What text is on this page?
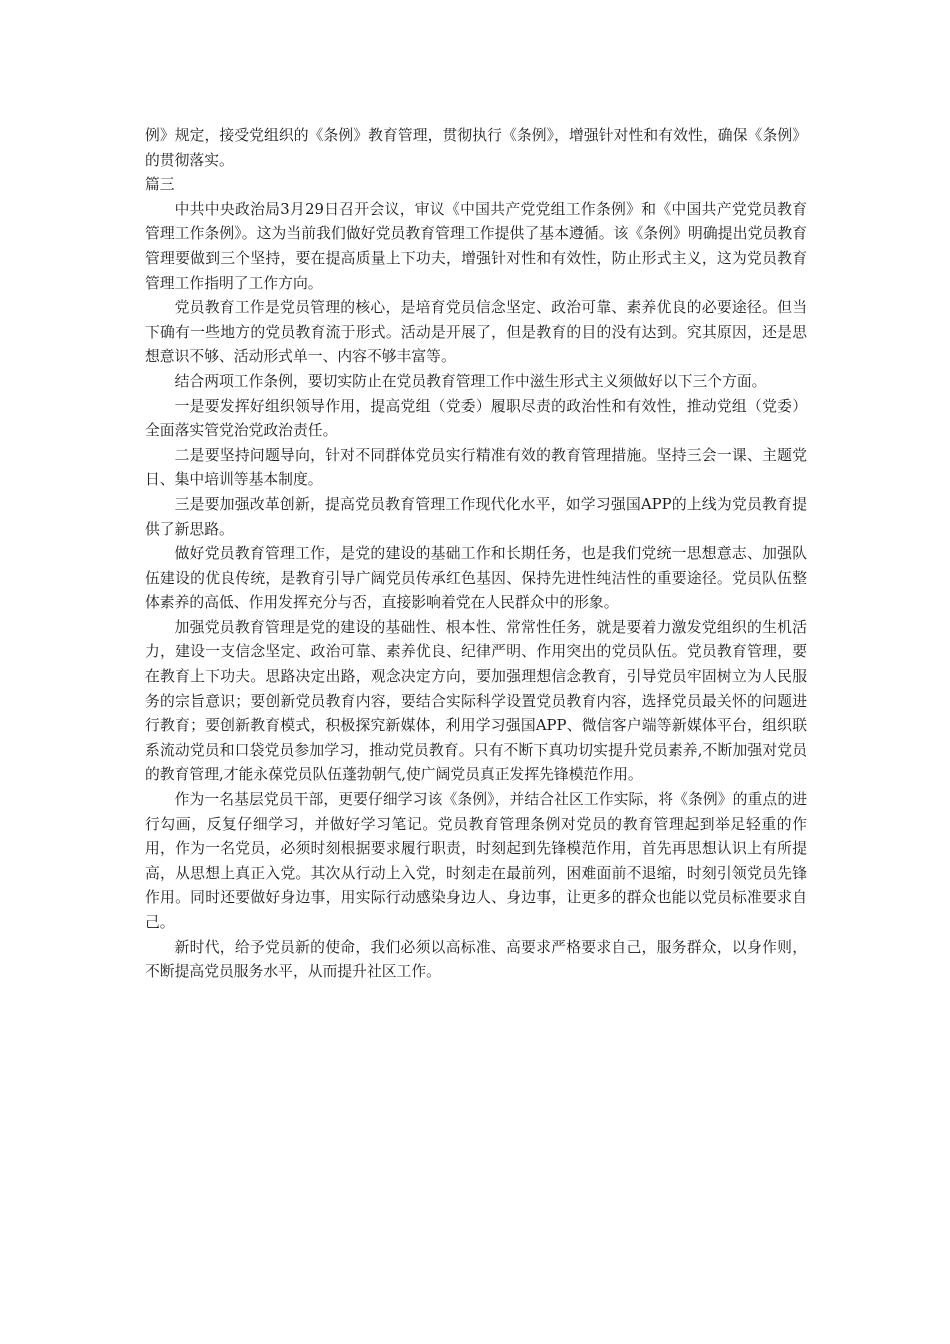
例》规定，接受党组织的《条例》教育管理，贯彻执行《条例》，增强针对性和有效性，确保《条例》的贯彻落实。

篇三

中共中央政治局3月29日召开会议，审议《中国共产党党组工作条例》和《中国共产党党员教育管理工作条例》。这为当前我们做好党员教育管理工作提供了基本遵循。该《条例》明确提出党员教育管理要做到三个坚持，要在提高质量上下功夫，增强针对性和有效性，防止形式主义，这为党员教育管理工作指明了工作方向。

党员教育工作是党员管理的核心，是培育党员信念坚定、政治可靠、素养优良的必要途径。但当下确有一些地方的党员教育流于形式。活动是开展了，但是教育的目的没有达到。究其原因，还是思想意识不够、活动形式单一、内容不够丰富等。

结合两项工作条例，要切实防止在党员教育管理工作中滋生形式主义须做好以下三个方面。

一是要发挥好组织领导作用，提高党组（党委）履职尽责的政治性和有效性，推动党组（党委）全面落实管党治党政治责任。

二是要坚持问题导向，针对不同群体党员实行精准有效的教育管理措施。坚持三会一课、主题党日、集中培训等基本制度。

三是要加强改革创新，提高党员教育管理工作现代化水平，如学习强国APP的上线为党员教育提供了新思路。

做好党员教育管理工作，是党的建设的基础工作和长期任务，也是我们党统一思想意志、加强队伍建设的优良传统，是教育引导广阔党员传承红色基因、保持先进性纯洁性的重要途径。党员队伍整体素养的高低、作用发挥充分与否，直接影响着党在人民群众中的形象。

加强党员教育管理是党的建设的基础性、根本性、常常性任务，就是要着力激发党组织的生机活力，建设一支信念坚定、政治可靠、素养优良、纪律严明、作用突出的党员队伍。党员教育管理，要在教育上下功夫。思路决定出路，观念决定方向，要加强理想信念教育，引导党员牢固树立为人民服务的宗旨意识；要创新党员教育内容，要结合实际科学设置党员教育内容，选择党员最关怀的问题进行教育；要创新教育模式，积极探究新媒体，利用学习强国APP、微信客户端等新媒体平台，组织联系流动党员和口袋党员参加学习，推动党员教育。只有不断下真功切实提升党员素养,不断加强对党员的教育管理,才能永葆党员队伍蓬勃朝气,使广阔党员真正发挥先锋模范作用。

作为一名基层党员干部，更要仔细学习该《条例》，并结合社区工作实际，将《条例》的重点的进行勾画，反复仔细学习，并做好学习笔记。党员教育管理条例对党员的教育管理起到举足轻重的作用，作为一名党员，必须时刻根据要求履行职责，时刻起到先锋模范作用，首先再思想认识上有所提高，从思想上真正入党。其次从行动上入党，时刻走在最前列，困难面前不退缩，时刻引领党员先锋作用。同时还要做好身边事，用实际行动感染身边人、身边事，让更多的群众也能以党员标准要求自己。

新时代，给予党员新的使命，我们必须以高标准、高要求严格要求自己，服务群众，以身作则，不断提高党员服务水平，从而提升社区工作。
